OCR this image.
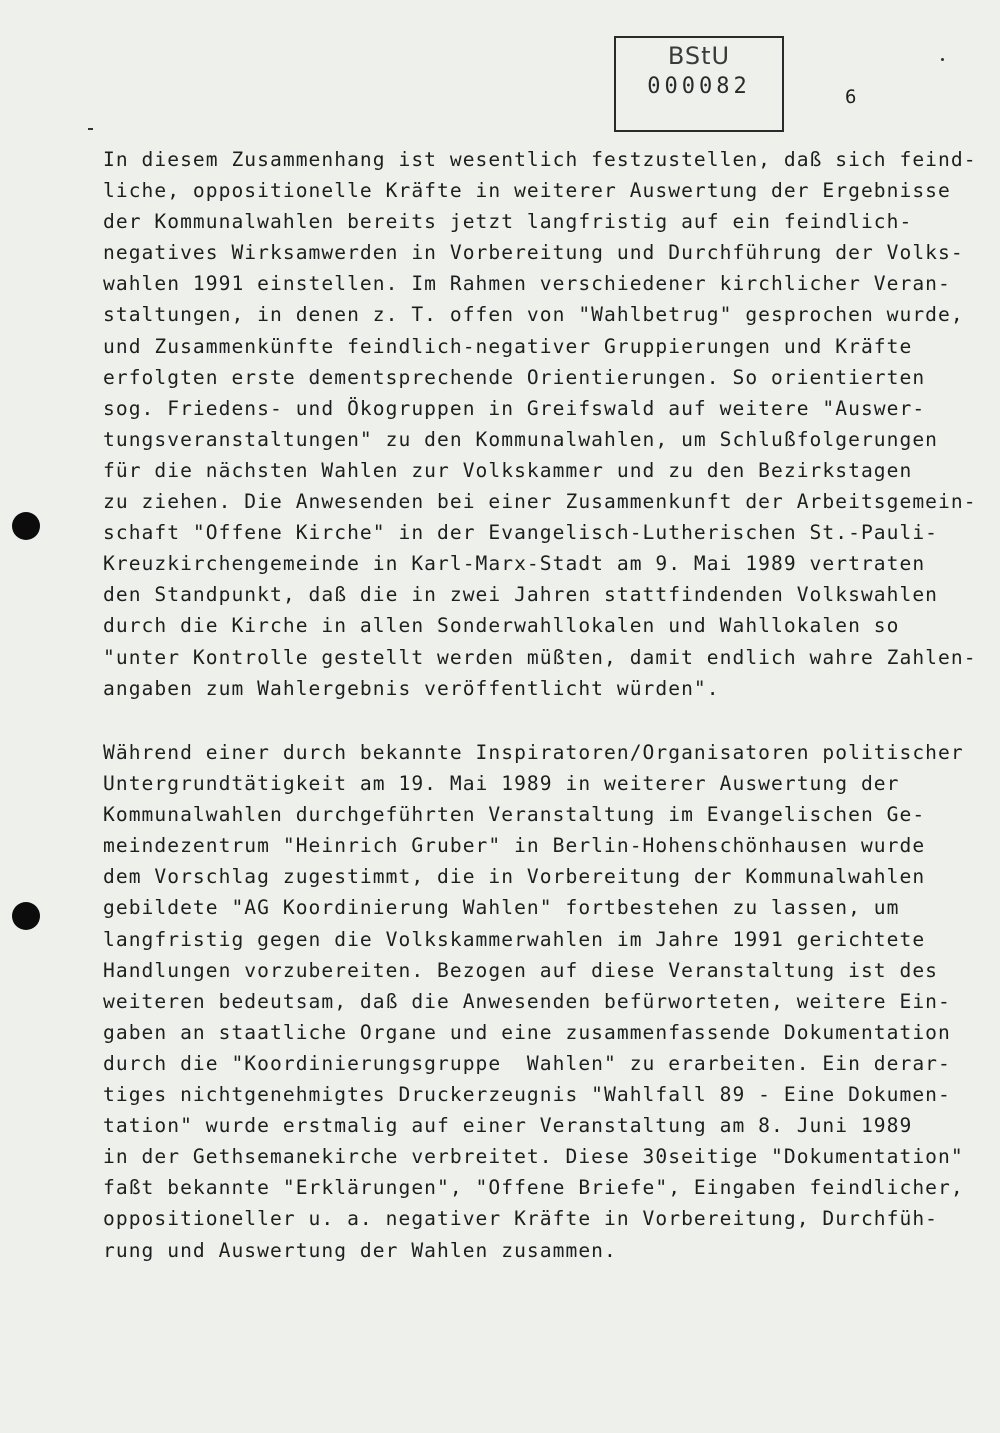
BStU
000082	6
In diesem Zusammenhang ist wesentlich festzustellen, daß sich feind-
liche, oppositionelle Kräfte in weiterer Auswertung der Ergebnisse
der Kommunalwahlen bereits jetzt langfristig auf ein feindlich-
negatives Wirksamwerden in Vorbereitung und Durchführung der Volks-
wahlen 1991 einstellen. Im Rahmen verschiedener kirchlicher Veran-
staltungen, in denen z. T. offen von "Wahlbetrug" gesprochen wurde,
und Zusammenkünfte feindlich-negativer Gruppierungen und Kräfte
erfolgten erste dementsprechende Orientierungen. So orientierten
sog. Friedens- und Ökogruppen in Greifswald auf weitere "Auswer-
tungsveranstaltungen" zu den Kommunalwahlen, um Schlußfolgerungen
für die nächsten Wahlen zur Volkskammer und zu den Bezirkstagen
zu ziehen. Die Anwesenden bei einer Zusammenkunft der Arbeitsgemein-
schaft "Offene Kirche" in der Evangelisch-Lutherischen St.-Pauli-
Kreuzkirchengemeinde in Karl-Marx-Stadt am 9. Mai 1989 vertraten
den Standpunkt, daß die in zwei Jahren stattfindenden Volkswahlen
durch die Kirche in allen Sonderwahllokalen und Wahllokalen so
"unter Kontrolle gestellt werden müßten, damit endlich wahre Zahlen-
angaben zum Wahlergebnis veröffentlicht würden".
Während einer durch bekannte Inspiratoren/Organisatoren politischer
Untergrundtätigkeit am 19. Mai 1989 in weiterer Auswertung der
Kommunalwahlen durchgeführten Veranstaltung im Evangelischen Ge-
meindezentrum "Heinrich Gruber" in Berlin-Hohenschönhausen wurde
dem Vorschlag zugestimmt, die in Vorbereitung der Kommunalwahlen
gebildete "AG Koordinierung Wahlen" fortbestehen zu lassen, um
langfristig gegen die Volkskammerwahlen im Jahre 1991 gerichtete
Handlungen vorzubereiten. Bezogen auf diese Veranstaltung ist des
weiteren bedeutsam, daß die Anwesenden befürworteten, weitere Ein-
gaben an staatliche Organe und eine zusammenfassende Dokumentation
durch die "Koordinierungsgruppe  Wahlen" zu erarbeiten. Ein derar-
tiges nichtgenehmigtes Druckerzeugnis "Wahlfall 89 - Eine Dokumen-
tation" wurde erstmalig auf einer Veranstaltung am 8. Juni 1989
in der Gethsemanekirche verbreitet. Diese 30seitige "Dokumentation"
faßt bekannte "Erklärungen", "Offene Briefe", Eingaben feindlicher,
oppositioneller u. a. negativer Kräfte in Vorbereitung, Durchfüh-
rung und Auswertung der Wahlen zusammen.
